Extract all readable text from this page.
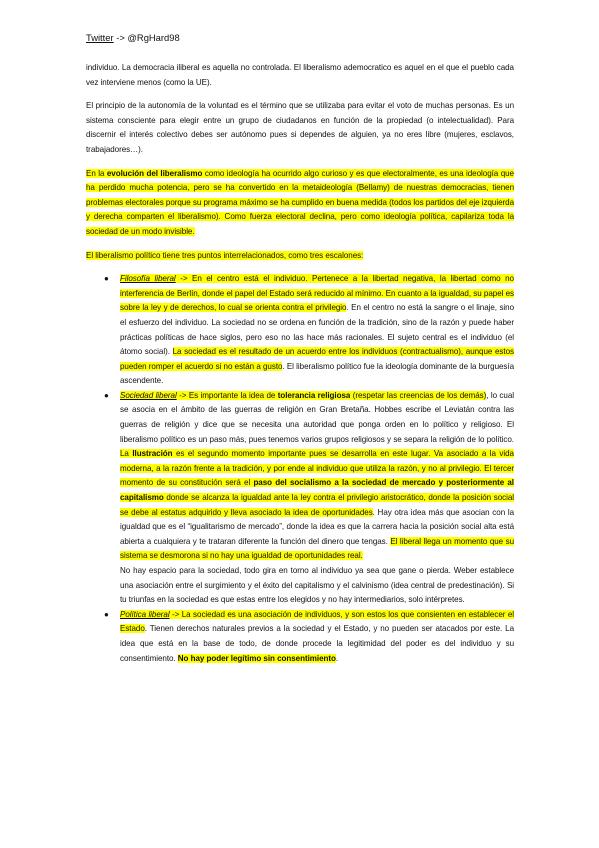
Twitter -> @RgHard98

individuo. La democracia iliberal es aquella no controlada. El liberalismo ademocratico es aquel en el que el pueblo cada vez interviene menos (como la UE).

El principio de la autonomía de la voluntad es el término que se utilizaba para evitar el voto de muchas personas. Es un sistema consciente para elegir entre un grupo de ciudadanos en función de la propiedad (o intelectualidad). Para discernir el interés colectivo debes ser autónomo pues si dependes de alguien, ya no eres libre (mujeres, esclavos, trabajadores…).

En la evolución del liberalismo como ideología ha ocurrido algo curioso y es que electoralmente, es una ideología que ha perdido mucha potencia, pero se ha convertido en la metaideología (Bellamy) de nuestras democracias, tienen problemas electorales porque su programa máximo se ha cumplido en buena medida (todos los partidos del eje izquierda y derecha comparten el liberalismo). Como fuerza electoral declina, pero como ideología política, capilariza toda la sociedad de un modo invisible.

El liberalismo político tiene tres puntos interrelacionados, como tres escalones:

● Filosofía liberal -> En el centro está el individuo. Pertenece a la libertad negativa, la libertad como no interferencia de Berlín, donde el papel del Estado será reducido al mínimo. En cuanto a la igualdad, su papel es sobre la ley y de derechos, lo cual se orienta contra el privilegio. En el centro no está la sangre o el linaje, sino el esfuerzo del individuo. La sociedad no se ordena en función de la tradición, sino de la razón y puede haber prácticas políticas de hace siglos, pero eso no las hace más racionales. El sujeto central es el individuo (el átomo social). La sociedad es el resultado de un acuerdo entre los individuos (contractualismo), aunque estos pueden romper el acuerdo si no están a gusto. El liberalismo político fue la ideología dominante de la burguesía ascendente.
● Sociedad liberal -> Es importante la idea de tolerancia religiosa (respetar las creencias de los demás), lo cual se asocia en el ámbito de las guerras de religión en Gran Bretaña. Hobbes escribe el Leviatán contra las guerras de religión y dice que se necesita una autoridad que ponga orden en lo político y religioso. El liberalismo político es un paso más, pues tenemos varios grupos religiosos y se separa la religión de lo político. La Ilustración es el segundo momento importante pues se desarrolla en este lugar. Va asociado a la vida moderna, a la razón frente a la tradición, y por ende al individuo que utiliza la razón, y no al privilegio. El tercer momento de su constitución será el paso del socialismo a la sociedad de mercado y posteriormente al capitalismo donde se alcanza la igualdad ante la ley contra el privilegio aristocrático, donde la posición social se debe al estatus adquirido y lleva asociado la idea de oportunidades. Hay otra idea más que asocian con la igualdad que es el “igualitarismo de mercado”, donde la idea es que la carrera hacia la posición social alta está abierta a cualquiera y te trataran diferente la función del dinero que tengas. El liberal llega un momento que su sistema se desmorona si no hay una igualdad de oportunidades real.

No hay espacio para la sociedad, todo gira en torno al individuo ya sea que gane o pierda. Weber establece una asociación entre el surgimiento y el éxito del capitalismo y el calvinismo (idea central de predestinación). Si tu triunfas en la sociedad es que estas entre los elegidos y no hay intermediarios, solo intérpretes.

● Política liberal -> La sociedad es una asociación de individuos, y son estos los que consienten en establecer el Estado. Tienen derechos naturales previos a la sociedad y el Estado, y no pueden ser atacados por este. La idea que está en la base de todo, de donde procede la legitimidad del poder es del individuo y su consentimiento. No hay poder legítimo sin consentimiento.
